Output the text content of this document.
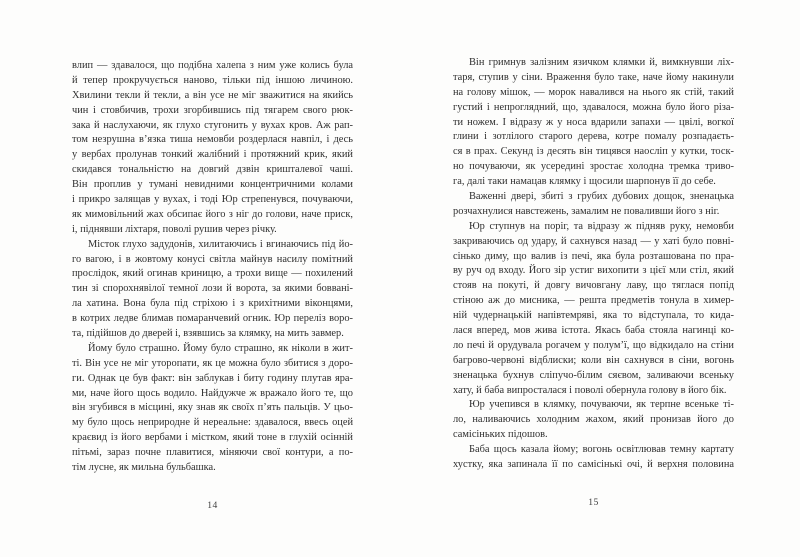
влип — здавалося, що подібна халепа з ним уже колись була
й тепер прокручується наново, тільки під іншою личиною.
Хвилини текли й текли, а він усе не міг зважитися на якийсь
чин і стовбичив, трохи згорбившись під тягарем свого рюк-
зака й наслухаючи, як глухо стугонить у вухах кров. Аж рап-
том незрушна в’язка тиша немовби роздерлася навпіл, і десь
у вербах пролунав тонкий жалібний і протяжний крик, який
скидався тональністю на довгий дзвін кришталевої чаші.
Він проплив у тумані невидними концентричними колами
і прикро залящав у вухах, і тоді Юр стрепенувся, почуваючи,
як мимовільний жах обсипає його з ніг до голови, наче приск,
і, піднявши ліхтаря, поволі рушив через річку.
Місток глухо задудонів, хилитаючись і вгинаючись під йо-
го вагою, і в жовтому конусі світла майнув насилу помітний
прослідок, який огинав криницю, а трохи вище — похилений
тин зі спорохнявілої темної лози й ворота, за якими боввані-
ла хатина. Вона була під стріхою і з крихітними віконцями,
в котрих ледве блимав помаранчевий огник. Юр переліз воро-
та, підійшов до дверей і, взявшись за клямку, на мить завмер.
Йому було страшно. Йому було страшно, як ніколи в жит-
ті. Він усе не міг уторопати, як це можна було збитися з доро-
ги. Однак це був факт: він заблукав і биту годину плутав яра-
ми, наче його щось водило. Найдужче ж вражало його те, що
він згубився в місцині, яку знав як своїх п’ять пальців. У цьо-
му було щось неприродне й нереальне: здавалося, ввесь оцей
краєвид із його вербами і містком, який тоне в глухій осінній
пітьмі, зараз почне плавитися, міняючи свої контури, а по-
тім лусне, як мильна бульбашка.
14
Він гримнув залізним язичком клямки й, вимкнувши ліх-
таря, ступив у сіни. Враження було таке, наче йому накинули
на голову мішок, — морок навалився на нього як стій, такий
густий і непроглядний, що, здавалося, можна було його різа-
ти ножем. І відразу ж у носа вдарили запахи — цвілі, вогкої
глини і зотлілого старого дерева, котре помалу розпадаєть-
ся в прах. Секунд із десять він тицявся наосліп у кутки, тоск-
но почуваючи, як усередині зростає холодна тремка триво-
га, далі таки намацав клямку і щосили шарпонув її до себе.
Важенні двері, збиті з грубих дубових дощок, зненацька
розчахнулися навстежень, замалим не поваливши його з ніг.
Юр ступнув на поріг, та відразу ж підняв руку, немовби
закриваючись од удару, й сахнувся назад — у хаті було повні-
сінько диму, що валив із печі, яка була розташована по пра-
ву руч од входу. Його зір устиг вихопити з цієї мли стіл, який
стояв на покуті, й довгу вичовгану лаву, що тяглася попід
стіною аж до мисника, — решта предметів тонула в химер-
ній чудернацькій напівтемряві, яка то відступала, то кида-
лася вперед, мов жива істота. Якась баба стояла нагинці ко-
ло печі й орудувала рогачем у полум’ї, що відкидало на стіни
багрово-червоні відблиски; коли він сахнувся в сіни, вогонь
зненацька бухнув сліпучо-білим сяєвом, заливаючи всеньку
хату, й баба випросталася і поволі обернула голову в його бік.
Юр учепився в клямку, почуваючи, як терпне всеньке ті-
ло, наливаючись холодним жахом, який пронизав його до
самісіньких підошов.
Баба щось казала йому; вогонь освітлював темну картату
хустку, яка запинала її по самісінькі очі, й верхня половина
15
